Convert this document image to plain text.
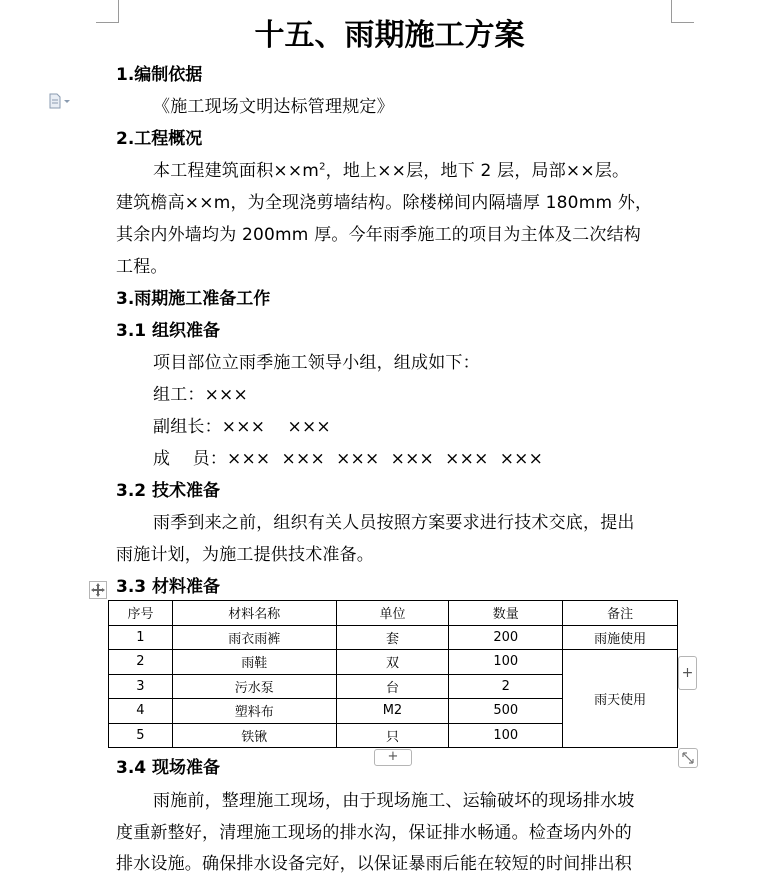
十五、雨期施工方案
1.编制依据
《施工现场文明达标管理规定》
2.工程概况
本工程建筑面积$\times\times m^2$，地上××层，地下 2 层，局部××层。
建筑檐高××m，为全现浇剪墙结构。除楼梯间内隔墙厚 180mm 外，
其余内外墙均为 200mm 厚。今年雨季施工的项目为主体及二次结构
工程。
3.雨期施工准备工作
3.1 组织准备
项目部位立雨季施工领导小组，组成如下：
组工：×××
副组长：×××    ×××
成    员：×××  ×××  ×××  ×××  ×××  ×××
3.2 技术准备
雨季到来之前，组织有关人员按照方案要求进行技术交底，提出
雨施计划，为施工提供技术准备。
3.3 材料准备
序号	材料名称	单位	数量	备注
1	雨衣雨裤	套	200	雨施使用
2	雨鞋	双	100	雨天使用
3	污水泵	台	2	
4	塑料布	M2	500	
5	铁锹	只	100	
+
+
3.4 现场准备
雨施前，整理施工现场，由于现场施工、运输破坏的现场排水坡
度重新整好，清理施工现场的排水沟，保证排水畅通。检查场内外的
排水设施。确保排水设备完好，以保证暴雨后能在较短的时间排出积
